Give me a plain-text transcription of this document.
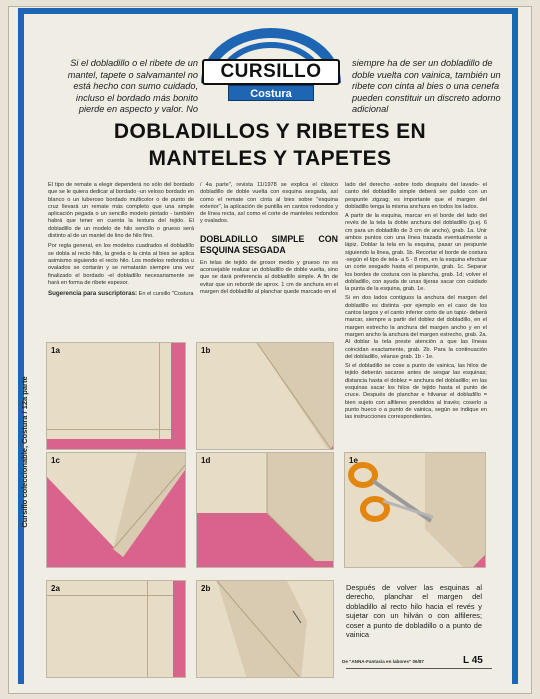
Si el dobladillo o el ribete de un mantel, tapete o salvamantel no está hecho con sumo cuidado, incluso el bordado más bonito pierde en aspecto y valor. No
siempre ha de ser un dobladillo de doble vuelta con vainica, también un ribete con cinta al bies o una cenefa pueden constituir un discreto adorno adicional
CURSILLO
Costura
DOBLADILLOS Y RIBETES EN
MANTELES Y TAPETES
Cursillo coleccionable, Costura / 12a parte

El tipo de remate a elegir dependerá no sólo del bordado que se le quiera dedicar al bordado -un veloso bordado en blanco o un luberoso bordado multicolor o de punto de cruz llevará un remate más completo que una simple aplicación pegada o un sencillo modelo pintado - también habrá que tener en cuenta la textura del tejido. El dobladillo de un modelo de hilo sencillo o grueso será distinto al de un mantel de lino de hilo fino.

Por regla general, en los modelos cuadrados el dobladillo se dobla al recto hilo, la greda o la cinta al bies se aplica asimismo siguiendo el recto hilo. Los modelos redondos u ovalados se cortarán y se rematarán siempre una vez finalizado el bordado -el dobladillo necesariamente se hará en forma de ribete espesor.

Sugerencia para suscriptoras: En el cursillo "Costura

/ 4a parte", revista 11/1978 se explica el clásico dobladillo de doble vuelta con esquina sesgada, así como el remate con cinta al bies sobre "esquina exterior", la aplicación de puntilla en cantos redondos y de línea recta, así como el corte de manteles redondos y ovalados.

DOBLADILLO SIMPLE CON ESQUINA SESGADA

En telas de tejido de grosor medio y grueso no es aconsejable realizar un dobladillo de doble vuelta, sino que se dará preferencia al dobladillo simple. A fin de evitar que un rebordé de aprox. 1 cm de anchura en el margen del dobladillo al planchar quede marcado en el

lado del derecho -sobre todo después del lavado- el canto del dobladillo simple deberá ser pulido con un pespunte zigzag; es importante que el margen del dobladillo tenga la misma anchura en todos los lados.

A partir de la esquina, marcar en el borde del lado del revés de la tela la doble anchura del dobladillo (p.ej. 6 cm para un dobladillo de 3 cm de ancho), grab. 1a. Unir ambos puntos con una línea trazada eventualmente a lápiz. Doblar la tela en la esquina, pasar un pespunte siguiendo la línea, grab. 1b. Recortar el borde de costura -según el tipo de tela- a 5 - 8 mm, en la esquina efectuar un corte sesgado hasta el pespunte, grab. 1c. Separar los bordes de costura con la plancha, grab. 1d; volver el dobladillo, con ayuda de unas tijeras sacar con cuidado la punta de la esquina, grab. 1e.

Si en dos lados contiguos la anchura del margen del dobladillo es distinta -por ejemplo en el caso de los cantos largos y el canto inferior corto de un tapiz- deberá marcar, siempre a partir del doblez del dobladillo, en el margen estrecho la anchura del margen ancho y en el margen ancho la anchura del margen estrecho, grab. 2a. Al doblar la tela preste atención a que las líneas coincidan exactamente, grab. 2b. Para la continuación del dobladillo, véanse grab. 1b - 1e.

Si el dobladillo se cose a punto de vainica, las hilos de tejido deberán sacarse antes de sesgar las esquinas; distancia hasta el doblez = anchura del dobladillo; en las esquinas sacar los hilos de tejido hasta el punto de cruce. Después de planchar e hilvanar el dobladillo = bien sujeto con alfileres prendidos al través; coserlo a punto hueco o a punto de vainica, según se indique en las instrucciones correspondientes.

1a	1b
1c	1d	1e
2a	2b	Después de volver las esquinas al derecho, planchar el margen del dobladillo al recto hilo hacia el revés y sujetar con un hilván o con alfileres; coser a punto de dobladillo o a punto de vainica
De "ANNA-Fantasía en labores" 06/87	L 45
